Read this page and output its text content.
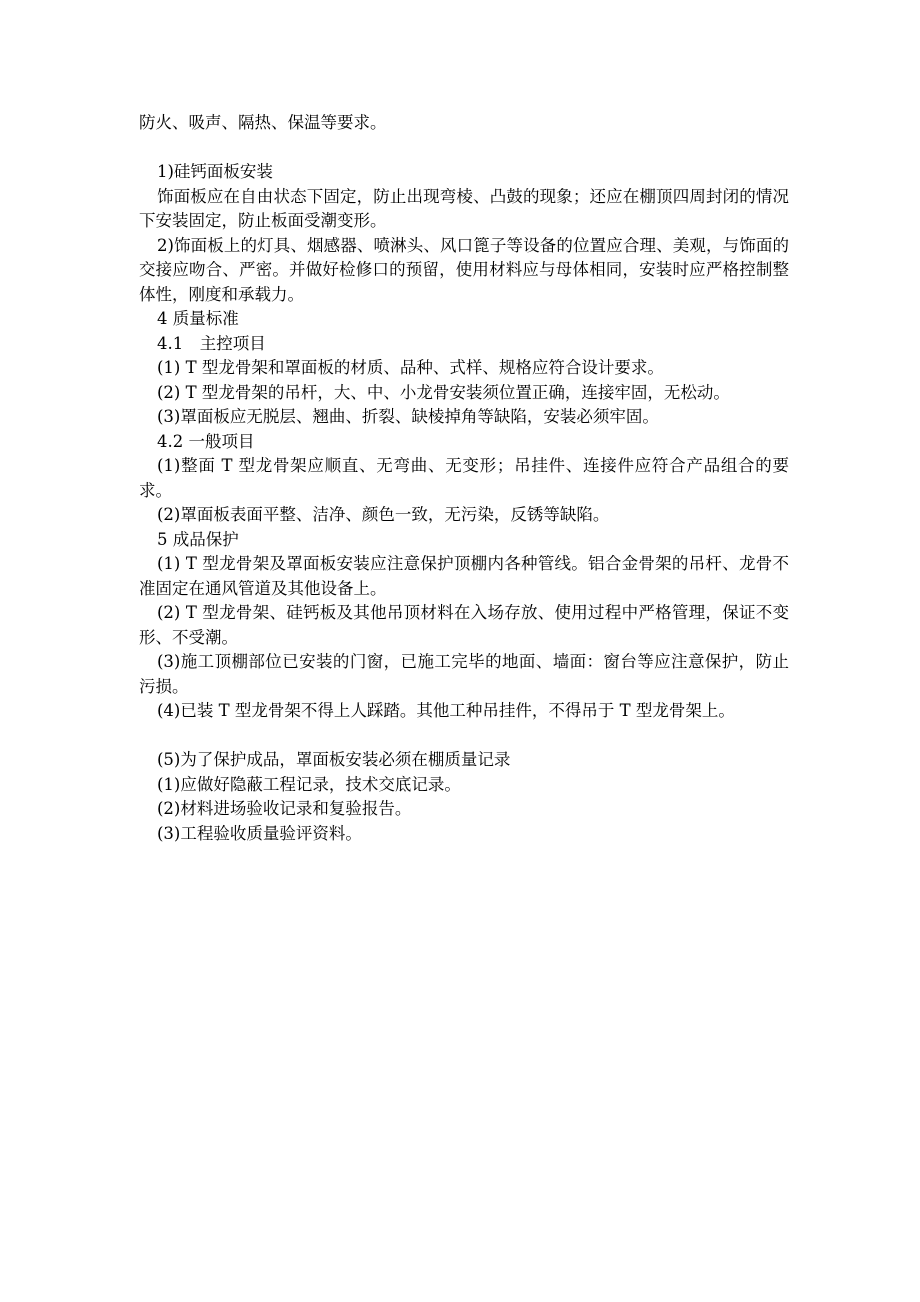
防火、吸声、隔热、保温等要求。

1)硅钙面板安装

饰面板应在自由状态下固定，防止出现弯棱、凸鼓的现象；还应在棚顶四周封闭的情况下安装固定，防止板面受潮变形。

2)饰面板上的灯具、烟感器、喷淋头、风口篦子等设备的位置应合理、美观，与饰面的交接应吻合、严密。并做好检修口的预留，使用材料应与母体相同，安装时应严格控制整体性，刚度和承载力。

4 质量标准

4.1　主控项目

(1) T 型龙骨架和罩面板的材质、品种、式样、规格应符合设计要求。

(2) T 型龙骨架的吊杆，大、中、小龙骨安装须位置正确，连接牢固，无松动。

(3)罩面板应无脱层、翘曲、折裂、缺棱掉角等缺陷，安装必须牢固。

4.2 一般项目

(1)整面 T 型龙骨架应顺直、无弯曲、无变形；吊挂件、连接件应符合产品组合的要求。

(2)罩面板表面平整、洁净、颜色一致，无污染，反锈等缺陷。

5 成品保护

(1) T 型龙骨架及罩面板安装应注意保护顶棚内各种管线。铝合金骨架的吊杆、龙骨不准固定在通风管道及其他设备上。

(2) T 型龙骨架、硅钙板及其他吊顶材料在入场存放、使用过程中严格管理，保证不变形、不受潮。

(3)施工顶棚部位已安装的门窗，已施工完毕的地面、墙面：窗台等应注意保护，防止污损。

(4)已装 T 型龙骨架不得上人踩踏。其他工种吊挂件，不得吊于 T 型龙骨架上。

(5)为了保护成品，罩面板安装必须在棚质量记录

(1)应做好隐蔽工程记录，技术交底记录。

(2)材料进场验收记录和复验报告。

(3)工程验收质量验评资料。
